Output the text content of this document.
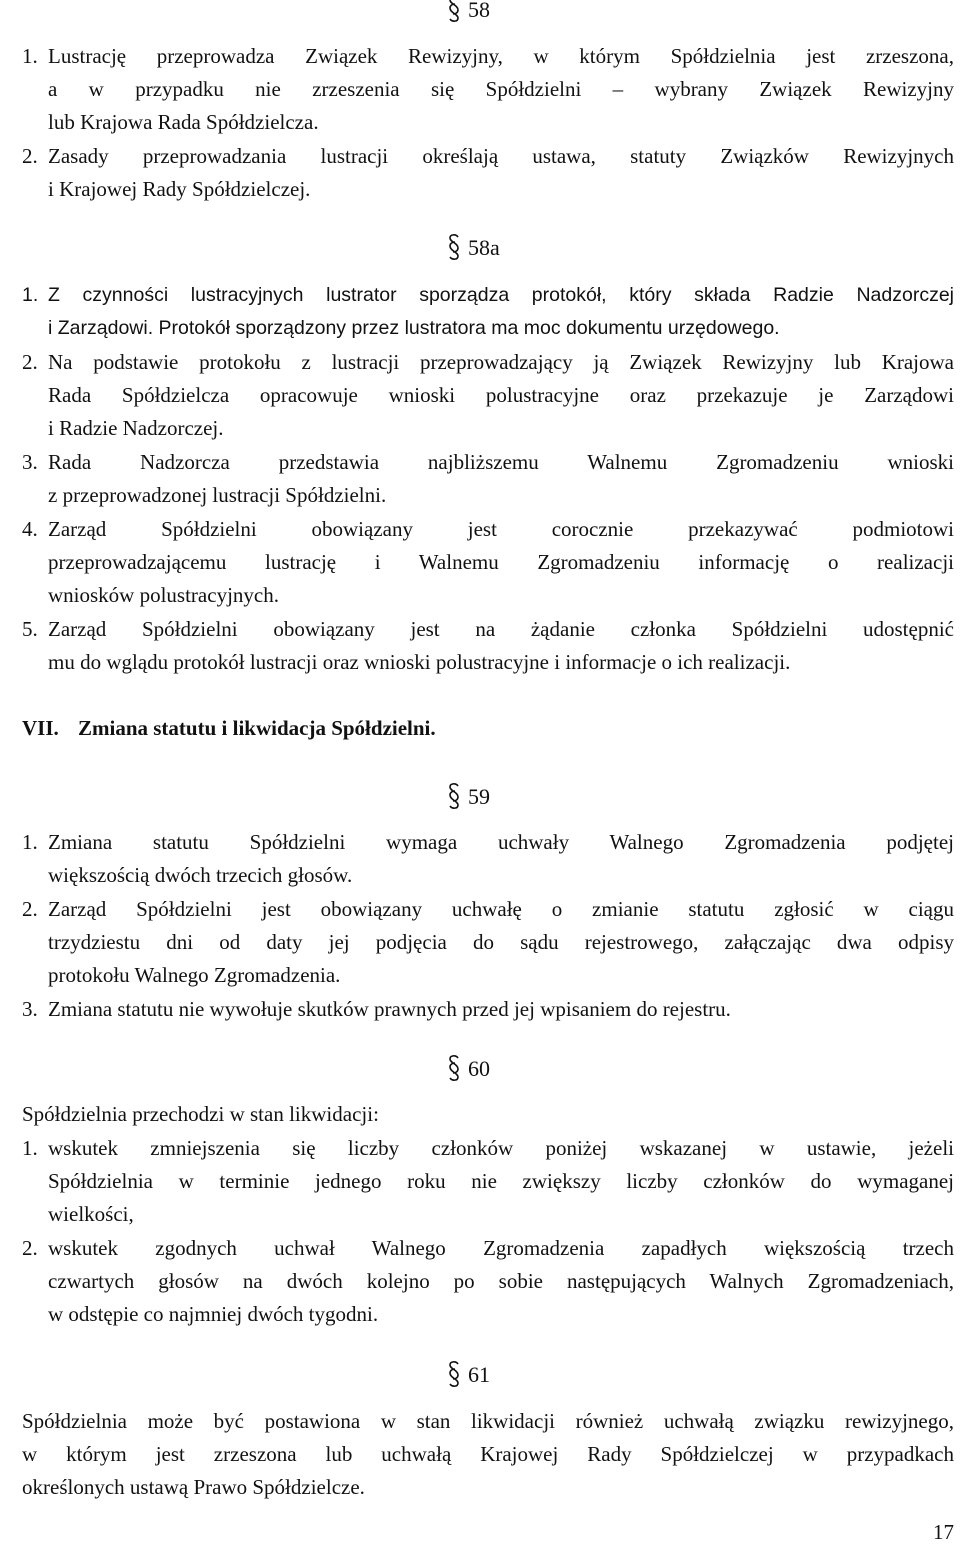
58
1. Lustrację przeprowadza Związek Rewizyjny, w którym Spółdzielnia jest zrzeszona,
a w przypadku nie zrzeszenia się Spółdzielni – wybrany Związek Rewizyjny
lub Krajowa Rada Spółdzielcza.
2. Zasady przeprowadzania lustracji określają ustawa, statuty Związków Rewizyjnych
i Krajowej Rady Spółdzielczej.
58a
1. Z czynności lustracyjnych lustrator sporządza protokół, który składa Radzie Nadzorczej
i Zarządowi. Protokół sporządzony przez lustratora ma moc dokumentu urzędowego.
2. Na podstawie protokołu z lustracji przeprowadzający ją Związek Rewizyjny lub Krajowa
Rada Spółdzielcza opracowuje wnioski polustracyjne oraz przekazuje je Zarządowi
i Radzie Nadzorczej.
3. Rada Nadzorcza przedstawia najbliższemu Walnemu Zgromadzeniu wnioski
z przeprowadzonej lustracji Spółdzielni.
4. Zarząd Spółdzielni obowiązany jest corocznie przekazywać podmiotowi
przeprowadzającemu lustrację i Walnemu Zgromadzeniu informację o realizacji
wniosków polustracyjnych.
5. Zarząd Spółdzielni obowiązany jest na żądanie członka Spółdzielni udostępnić
mu do wglądu protokół lustracji oraz wnioski polustracyjne i informacje o ich realizacji.
VII. Zmiana statutu i likwidacja Spółdzielni.
59
1. Zmiana statutu Spółdzielni wymaga uchwały Walnego Zgromadzenia podjętej
większością dwóch trzecich głosów.
2. Zarząd Spółdzielni jest obowiązany uchwałę o zmianie statutu zgłosić w ciągu
trzydziestu dni od daty jej podjęcia do sądu rejestrowego, załączając dwa odpisy
protokołu Walnego Zgromadzenia.
3. Zmiana statutu nie wywołuje skutków prawnych przed jej wpisaniem do rejestru.
60
Spółdzielnia przechodzi w stan likwidacji:
1. wskutek zmniejszenia się liczby członków poniżej wskazanej w ustawie, jeżeli
Spółdzielnia w terminie jednego roku nie zwiększy liczby członków do wymaganej
wielkości,
2. wskutek zgodnych uchwał Walnego Zgromadzenia zapadłych większością trzech
czwartych głosów na dwóch kolejno po sobie następujących Walnych Zgromadzeniach,
w odstępie co najmniej dwóch tygodni.
61
Spółdzielnia może być postawiona w stan likwidacji również uchwałą związku rewizyjnego,
w którym jest zrzeszona lub uchwałą Krajowej Rady Spółdzielczej w przypadkach
określonych ustawą Prawo Spółdzielcze.
17
